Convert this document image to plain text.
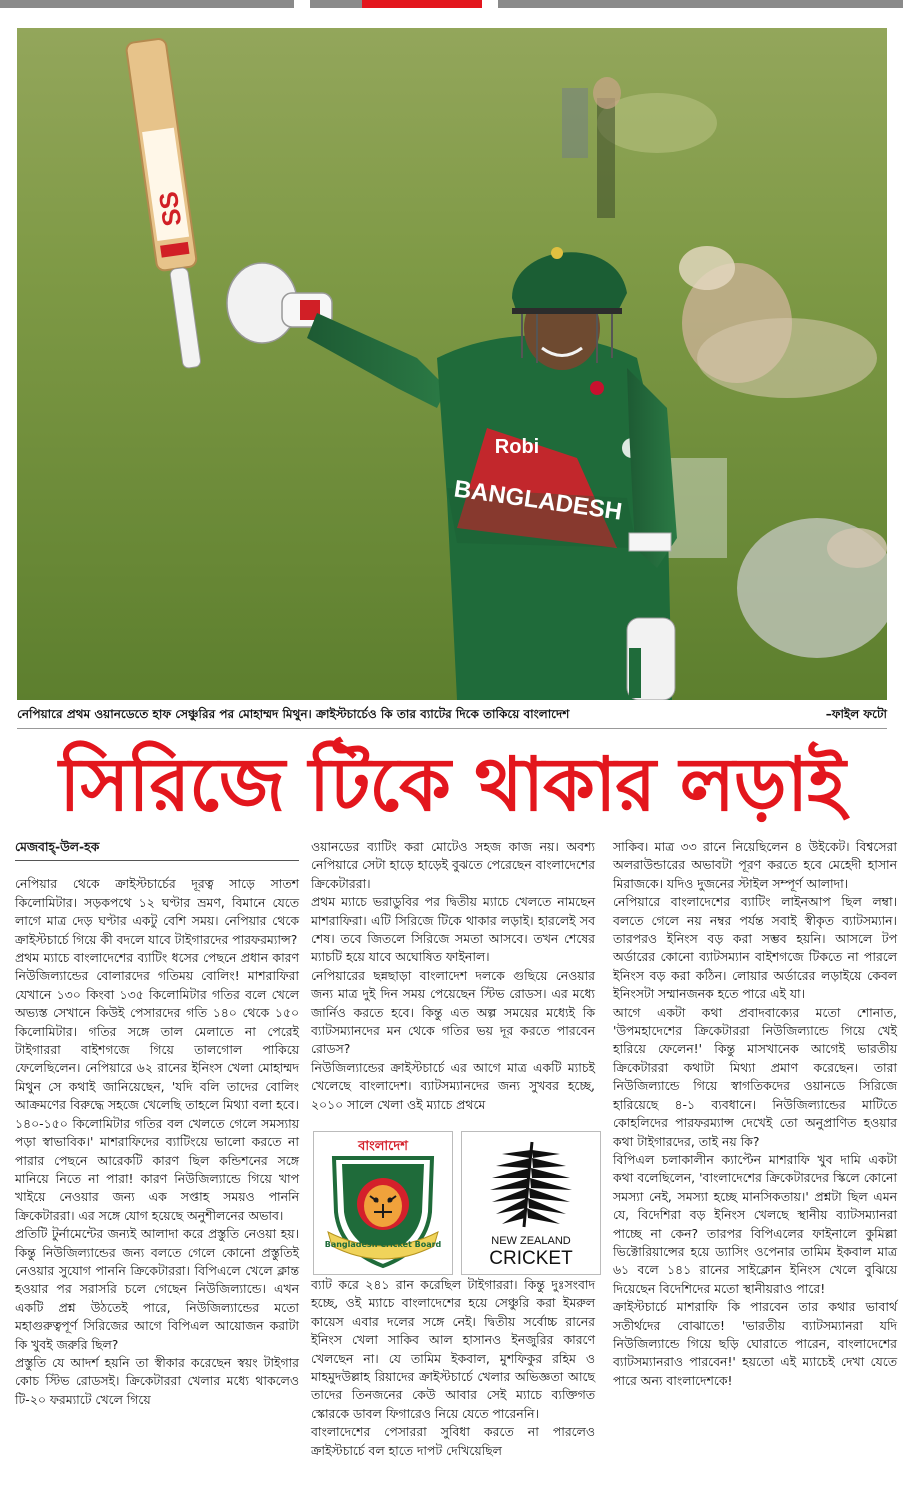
SS
Robi
BANGLADESH
নেপিয়ারে প্রথম ওয়ানডেতে হাফ সেঞ্চুরির পর মোহাম্মদ মিথুন। ক্রাইস্টচার্চেও কি তার ব্যাটের দিকে তাকিয়ে বাংলাদেশ	–ফাইল ফটো
সিরিজে টিকে থাকার লড়াই

মেজবাহ্-উল-হক

নেপিয়ার থেকে ক্রাইস্টচার্চের দূরত্ব সাড়ে সাতশ কিলোমিটার। সড়কপথে ১২ ঘণ্টার ভ্রমণ, বিমানে যেতে লাগে মাত্র দেড় ঘণ্টার একটু বেশি সময়। নেপিয়ার থেকে ক্রাইস্টচার্চে গিয়ে কী বদলে যাবে টাইগারদের পারফরম্যান্স?

প্রথম ম্যাচে বাংলাদেশের ব্যাটিং ধসের পেছনে প্রধান কারণ নিউজিল্যান্ডের বোলারদের গতিময় বোলিং! মাশরাফিরা যেখানে ১৩০ কিংবা ১৩৫ কিলোমিটার গতির বলে খেলে অভ্যস্ত সেখানে কিউই পেসারদের গতি ১৪০ থেকে ১৫০ কিলোমিটার। গতির সঙ্গে তাল মেলাতে না পেরেই টাইগাররা বাইশগজে গিয়ে তালগোল পাকিয়ে ফেলেছিলেন। নেপিয়ারে ৬২ রানের ইনিংস খেলা মোহাম্মদ মিথুন সে কথাই জানিয়েছেন, 'যদি বলি তাদের বোলিং আক্রমণের বিরুদ্ধে সহজে খেলেছি তাহলে মিথ্যা বলা হবে। ১৪০-১৫০ কিলোমিটার গতির বল খেলতে গেলে সমস্যায় পড়া স্বাভাবিক।' মাশরাফিদের ব্যাটিংয়ে ভালো করতে না পারার পেছনে আরেকটি কারণ ছিল কন্ডিশনের সঙ্গে মানিয়ে নিতে না পারা! কারণ নিউজিল্যান্ডে গিয়ে খাপ খাইয়ে নেওয়ার জন্য এক সপ্তাহ সময়ও পাননি ক্রিকেটাররা। এর সঙ্গে যোগ হয়েছে অনুশীলনের অভাব।

প্রতিটি টুর্নামেন্টের জন্যই আলাদা করে প্রস্তুতি নেওয়া হয়। কিন্তু নিউজিল্যান্ডের জন্য বলতে গেলে কোনো প্রস্তুতিই নেওয়ার সুযোগ পাননি ক্রিকেটাররা। বিপিএলে খেলে ক্লান্ত হওয়ার পর সরাসরি চলে গেছেন নিউজিল্যান্ডে। এখন একটি প্রশ্ন উঠতেই পারে, নিউজিল্যান্ডের মতো মহাগুরুত্বপূর্ণ সিরিজের আগে বিপিএল আয়োজন করাটা কি খুবই জরুরি ছিল?

প্রস্তুতি যে আদর্শ হয়নি তা স্বীকার করেছেন স্বয়ং টাইগার কোচ স্টিভ রোডসই। ক্রিকেটাররা খেলার মধ্যে থাকলেও টি-২০ ফরম্যাটে খেলে গিয়ে

ওয়ানডের ব্যাটিং করা মোটেও সহজ কাজ নয়। অবশ্য নেপিয়ারে সেটা হাড়ে হাড়েই বুঝতে পেরেছেন বাংলাদেশের ক্রিকেটাররা।

প্রথম ম্যাচে ভরাডুবির পর দ্বিতীয় ম্যাচে খেলতে নামছেন মাশরাফিরা। এটি সিরিজে টিকে থাকার লড়াই। হারলেই সব শেষ। তবে জিতলে সিরিজে সমতা আসবে। তখন শেষের ম্যাচটি হয়ে যাবে অঘোষিত ফাইনাল।

নেপিয়ারের ছন্নছাড়া বাংলাদেশ দলকে গুছিয়ে নেওয়ার জন্য মাত্র দুই দিন সময় পেয়েছেন স্টিভ রোডস। এর মধ্যে জার্নিও করতে হবে। কিন্তু এত অল্প সময়ের মধ্যেই কি ব্যাটসম্যানদের মন থেকে গতির ভয় দূর করতে পারবেন রোডস?

নিউজিল্যান্ডের ক্রাইস্টচার্চে এর আগে মাত্র একটি ম্যাচই খেলেছে বাংলাদেশ। ব্যাটসম্যানদের জন্য সুখবর হচ্ছে, ২০১০ সালে খেলা ওই ম্যাচে প্রথমে

বাংলাদেশ
Bangladesh Cricket Board	NEW ZEALAND
CRICKET

ব্যাট করে ২৪১ রান করেছিল টাইগাররা। কিন্তু দুঃসংবাদ হচ্ছে, ওই ম্যাচে বাংলাদেশের হয়ে সেঞ্চুরি করা ইমরুল কায়েস এবার দলের সঙ্গে নেই। দ্বিতীয় সর্বোচ্চ রানের ইনিংস খেলা সাকিব আল হাসানও ইনজুরির কারণে খেলছেন না। যে তামিম ইকবাল, মুশফিকুর রহিম ও মাহমুদউল্লাহ রিয়াদের ক্রাইস্টচার্চে খেলার অভিজ্ঞতা আছে তাদের তিনজনের কেউ আবার সেই ম্যাচে ব্যক্তিগত স্কোরকে ডাবল ফিগারেও নিয়ে যেতে পারেননি।

বাংলাদেশের পেসাররা সুবিধা করতে না পারলেও ক্রাইস্টচার্চে বল হাতে দাপট দেখিয়েছিল

সাকিব। মাত্র ৩৩ রানে নিয়েছিলেন ৪ উইকেট। বিশ্বসেরা অলরাউন্ডারের অভাবটা পূরণ করতে হবে মেহেদী হাসান মিরাজকে। যদিও দুজনের স্টাইল সম্পূর্ণ আলাদা।

নেপিয়ারে বাংলাদেশের ব্যাটিং লাইনআপ ছিল লম্বা। বলতে গেলে নয় নম্বর পর্যন্ত সবাই স্বীকৃত ব্যাটসম্যান। তারপরও ইনিংস বড় করা সম্ভব হয়নি। আসলে টপ অর্ডারের কোনো ব্যাটসম্যান বাইশগজে টিকতে না পারলে ইনিংস বড় করা কঠিন। লোয়ার অর্ডারের লড়াইয়ে কেবল ইনিংসটা সম্মানজনক হতে পারে এই যা।

আগে একটা কথা প্রবাদবাক্যের মতো শোনাত, 'উপমহাদেশের ক্রিকেটাররা নিউজিল্যান্ডে গিয়ে খেই হারিয়ে ফেলেন!' কিন্তু মাসখানেক আগেই ভারতীয় ক্রিকেটাররা কথাটা মিথ্যা প্রমাণ করেছেন। তারা নিউজিল্যান্ডে গিয়ে স্বাগতিকদের ওয়ানডে সিরিজে হারিয়েছে ৪-১ ব্যবধানে। নিউজিল্যান্ডের মাটিতে কোহলিদের পারফরম্যান্স দেখেই তো অনুপ্রাণিত হওয়ার কথা টাইগারদের, তাই নয় কি?

বিপিএল চলাকালীন ক্যাপ্টেন মাশরাফি খুব দামি একটা কথা বলেছিলেন, 'বাংলাদেশের ক্রিকেটারদের স্কিলে কোনো সমস্যা নেই, সমস্যা হচ্ছে মানসিকতায়।' প্রশ্নটা ছিল এমন যে, বিদেশিরা বড় ইনিংস খেলছে স্থানীয় ব্যাটসম্যানরা পাচ্ছে না কেন? তারপর বিপিএলের ফাইনালে কুমিল্লা ভিক্টোরিয়ান্সের হয়ে ড্যাসিং ওপেনার তামিম ইকবাল মাত্র ৬১ বলে ১৪১ রানের সাইক্লোন ইনিংস খেলে বুঝিয়ে দিয়েছেন বিদেশিদের মতো স্থানীয়রাও পারে!

ক্রাইস্টচার্চে মাশরাফি কি পারবেন তার কথার ভাবার্থ সতীর্থদের বোঝাতে! 'ভারতীয় ব্যাটসম্যানরা যদি নিউজিল্যান্ডে গিয়ে ছড়ি ঘোরাতে পারেন, বাংলাদেশের ব্যাটসম্যানরাও পারবেন!' হয়তো এই ম্যাচেই দেখা যেতে পারে অন্য বাংলাদেশকে!
